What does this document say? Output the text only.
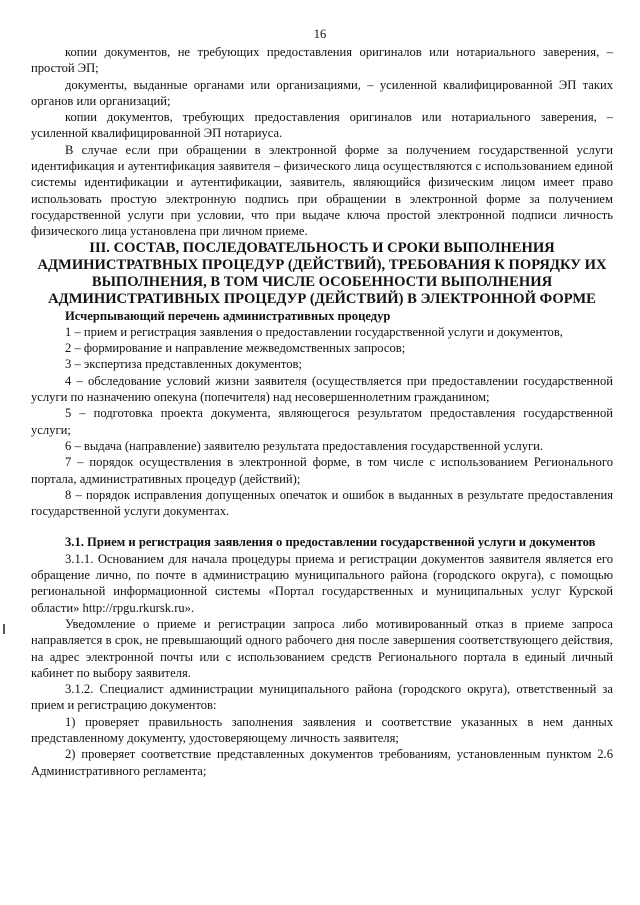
16

копии документов, не требующих предоставления оригиналов или нотариального заверения, – простой ЭП;

документы, выданные органами или организациями, – усиленной квалифицированной ЭП таких органов или организаций;

копии документов, требующих предоставления оригиналов или нотариального заверения, – усиленной квалифицированной ЭП нотариуса.

В случае если при обращении в электронной форме за получением государственной услуги идентификация и аутентификация заявителя – физического лица осуществляются с использованием единой системы идентификации и аутентификации, заявитель, являющийся физическим лицом имеет право использовать простую электронную подпись при обращении в электронной форме за получением государственной услуги при условии, что при выдаче ключа простой электронной подписи личность физического лица установлена при личном приеме.

III. СОСТАВ, ПОСЛЕДОВАТЕЛЬНОСТЬ И СРОКИ ВЫПОЛНЕНИЯ АДМИНИСТРАТВНЫХ ПРОЦЕДУР (ДЕЙСТВИЙ), ТРЕБОВАНИЯ К ПОРЯДКУ ИХ ВЫПОЛНЕНИЯ, В ТОМ ЧИСЛЕ ОСОБЕННОСТИ ВЫПОЛНЕНИЯ АДМИНИСТРАТИВНЫХ ПРОЦЕДУР (ДЕЙСТВИЙ) В ЭЛЕКТРОННОЙ ФОРМЕ

Исчерпывающий перечень административных процедур

1 – прием и регистрация заявления о предоставлении государственной услуги и документов,

2 – формирование и направление межведомственных запросов;

3 – экспертиза представленных документов;

4 – обследование условий жизни заявителя (осуществляется при предоставлении государственной услуги по назначению опекуна (попечителя) над несовершеннолетним гражданином;

5 – подготовка проекта документа, являющегося результатом предоставления государственной услуги;

6 – выдача (направление) заявителю результата предоставления государственной услуги.

7 – порядок осуществления в электронной форме, в том числе с использованием Регионального портала, административных процедур (действий);

8 – порядок исправления допущенных опечаток и ошибок в выданных в результате предоставления государственной услуги документах.

3.1. Прием и регистрация заявления о предоставлении государственной услуги и документов

3.1.1. Основанием для начала процедуры приема и регистрации документов заявителя является его обращение лично, по почте в администрацию муниципального района (городского округа), с помощью региональной информационной системы «Портал государственных и муниципальных услуг Курской области» http://rpgu.rkursk.ru».

Уведомление о приеме и регистрации запроса либо мотивированный отказ в приеме запроса направляется в срок, не превышающий одного рабочего дня после завершения соответствующего действия, на адрес электронной почты или с использованием средств Регионального портала в единый личный кабинет по выбору заявителя.

3.1.2. Специалист администрации муниципального района (городского округа), ответственный за прием и регистрацию документов:

1) проверяет правильность заполнения заявления и соответствие указанных в нем данных представленному документу, удостоверяющему личность заявителя;

2) проверяет соответствие представленных документов требованиям, установленным пунктом 2.6 Административного регламента;
